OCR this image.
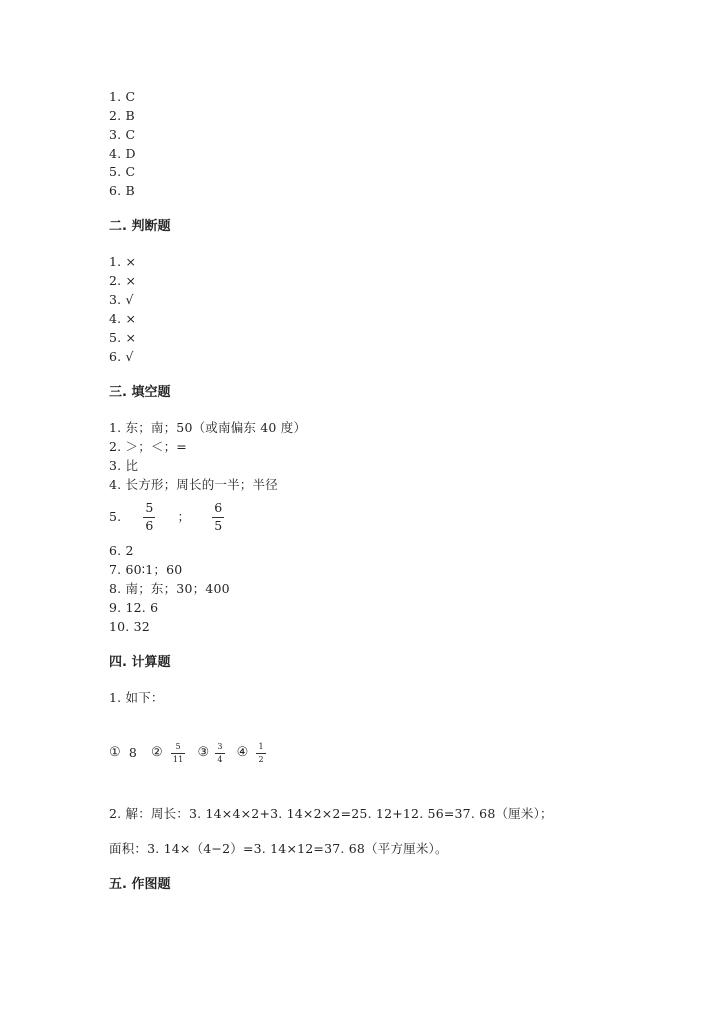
1. C
2. B
3. C
4. D
5. C
6. B
二. 判断题
1. ×
2. ×
3. √
4. ×
5. ×
6. √
三. 填空题
1. 东；南；50（或南偏东 40 度）
2. ＞；＜；=
3. 比
4. 长方形；周长的一半；半径
5. $\frac{5}{6}$ ； $\frac{6}{5}$
6. 2
7. 60∶1；60
8. 南；东；30；400
9. 12. 6
10. 32
四. 计算题
1. 如下：
① 8 ② $\frac{5}{11}$ ③ $\frac{3}{4}$ ④ $\frac{1}{2}$
2. 解：周长：3. 14×4×2+3. 14×2×2=25. 12+12. 56=37. 68（厘米）；
面积：3. 14×（4−2）=3. 14×12=37. 68（平方厘米）。
五. 作图题
